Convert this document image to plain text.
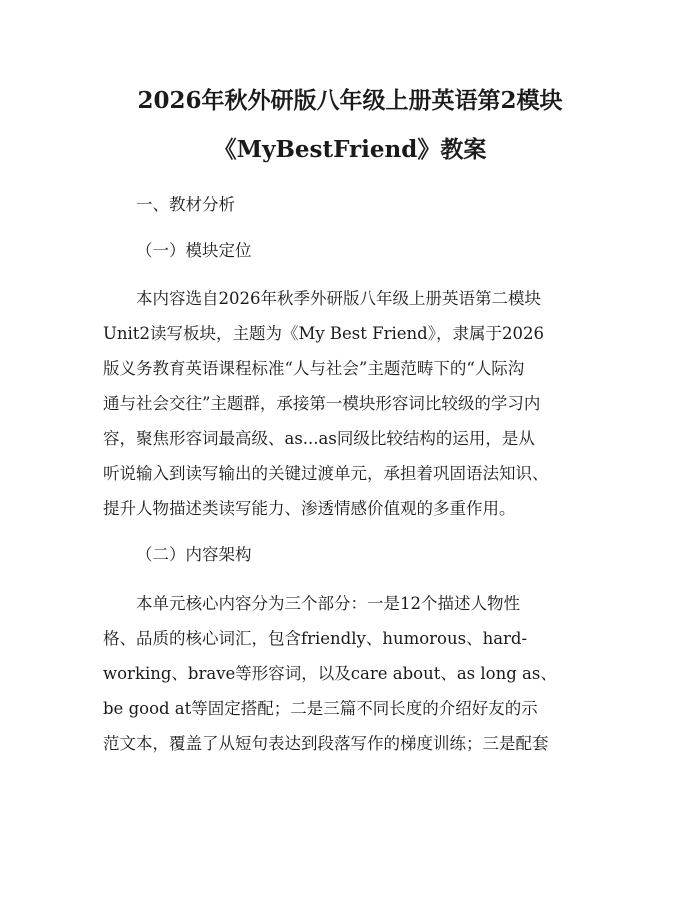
2026年秋外研版八年级上册英语第2模块
《MyBestFriend》教案

一、教材分析

（一）模块定位

本内容选自2026年秋季外研版八年级上册英语第二模块

Unit2读写板块，主题为《My Best Friend》，隶属于2026

版义务教育英语课程标准“人与社会”主题范畴下的“人际沟

通与社会交往”主题群，承接第一模块形容词比较级的学习内

容，聚焦形容词最高级、as...as同级比较结构的运用，是从

听说输入到读写输出的关键过渡单元，承担着巩固语法知识、

提升人物描述类读写能力、渗透情感价值观的多重作用。

（二）内容架构

本单元核心内容分为三个部分：一是12个描述人物性

格、品质的核心词汇，包含friendly、humorous、hard-

working、brave等形容词，以及care about、as long as、

be good at等固定搭配；二是三篇不同长度的介绍好友的示

范文本，覆盖了从短句表达到段落写作的梯度训练；三是配套
